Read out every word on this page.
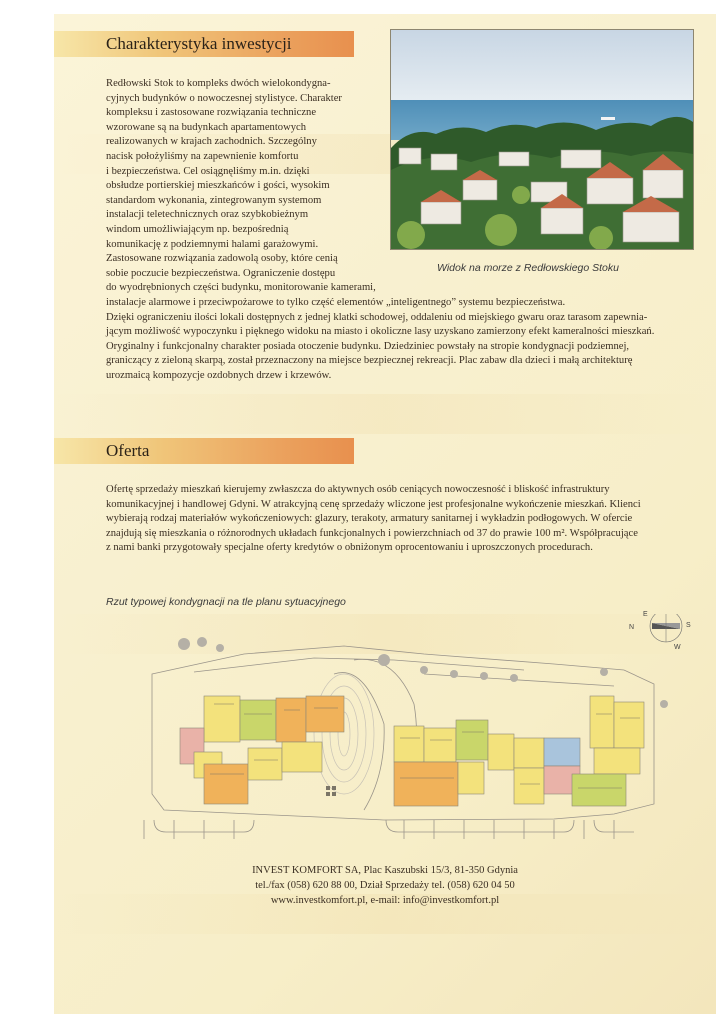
Charakterystyka inwestycji
Redłowski Stok to kompleks dwóch wielokondygna-
cyjnych budynków o nowoczesnej stylistyce. Charakter
kompleksu i zastosowane rozwiązania techniczne
wzorowane są na budynkach apartamentowych
realizowanych w krajach zachodnich. Szczególny
nacisk położyliśmy na zapewnienie komfortu
i bezpieczeństwa. Cel osiągnęliśmy m.in. dzięki
obsłudze portierskiej mieszkańców i gości, wysokim
standardom wykonania, zintegrowanym systemom
instalacji teletechnicznych oraz szybkobieżnym
windom umożliwiającym np. bezpośrednią
komunikację z podziemnymi halami garażowymi.
Zastosowane rozwiązania zadowolą osoby, które cenią
sobie poczucie bezpieczeństwa. Ograniczenie dostępu
do wyodrębnionych części budynku, monitorowanie kamerami,
instalacje alarmowe i przeciwpożarowe to tylko część elementów „inteligentnego” systemu bezpieczeństwa.
Dzięki ograniczeniu ilości lokali dostępnych z jednej klatki schodowej, oddaleniu od miejskiego gwaru oraz tarasom zapewnia-
jącym możliwość wypoczynku i pięknego widoku na miasto i okoliczne lasy uzyskano zamierzony efekt kameralności mieszkań.
Oryginalny i funkcjonalny charakter posiada otoczenie budynku. Dziedziniec powstały na stropie kondygnacji podziemnej,
graniczący z zieloną skarpą, został przeznaczony na miejsce bezpiecznej rekreacji. Plac zabaw dla dzieci i małą architekturę
urozmaicą kompozycje ozdobnych drzew i krzewów.
Widok na morze z Redłowskiego Stoku
Oferta
Ofertę sprzedaży mieszkań kierujemy zwłaszcza do aktywnych osób ceniących nowoczesność i bliskość infrastruktury
komunikacyjnej i handlowej Gdyni. W atrakcyjną cenę sprzedaży wliczone jest profesjonalne wykończenie mieszkań. Klienci
wybierają rodzaj materiałów wykończeniowych: glazury, terakoty, armatury sanitarnej i wykładzin podłogowych. W ofercie
znajdują się mieszkania o różnorodnych układach funkcjonalnych i powierzchniach od 37 do prawie 100 m². Współpracujące
z nami banki przygotowały specjalne oferty kredytów o obniżonym oprocentowaniu i uproszczonych procedurach.
Rzut typowej kondygnacji na tle planu sytuacyjnego
E
N	S
W
INVEST KOMFORT SA, Plac Kaszubski 15/3, 81-350 Gdynia
tel./fax (058) 620 88 00, Dział Sprzedaży tel. (058) 620 04 50
www.investkomfort.pl, e-mail: info@investkomfort.pl
